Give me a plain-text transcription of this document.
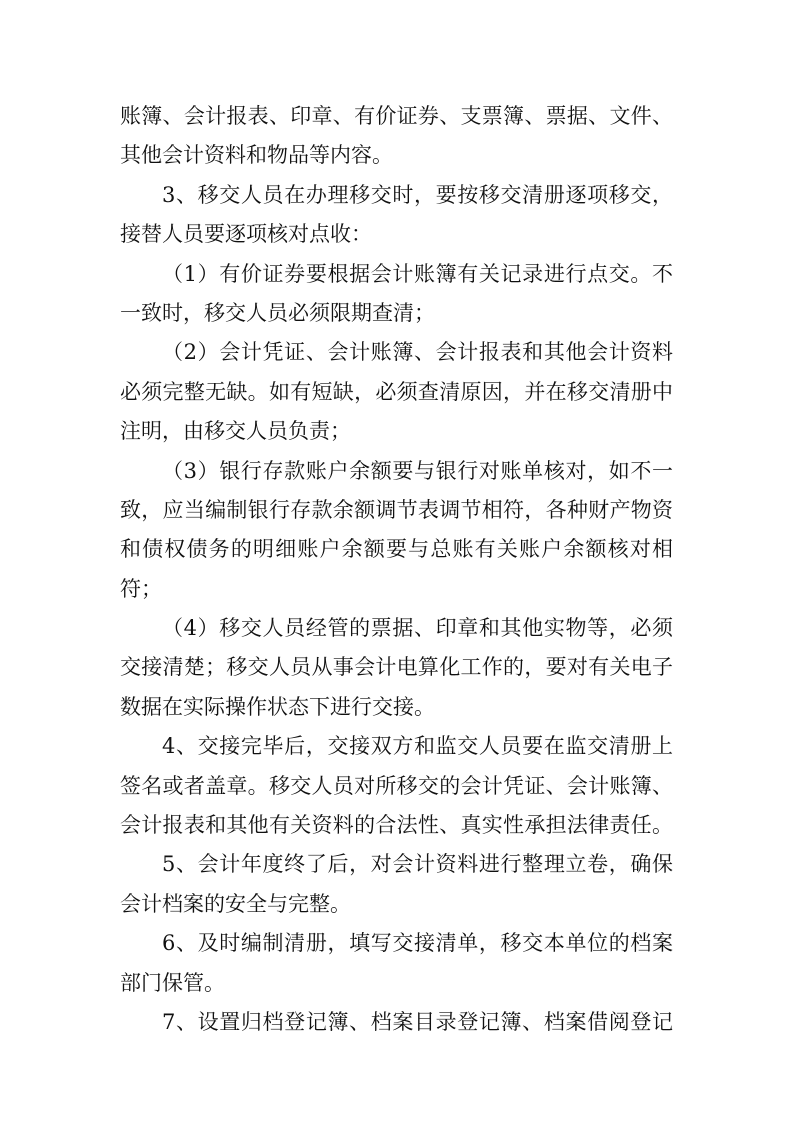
账簿、会计报表、印章、有价证券、支票簿、票据、文件、
其他会计资料和物品等内容。
3、移交人员在办理移交时，要按移交清册逐项移交，
接替人员要逐项核对点收：
（1）有价证券要根据会计账簿有关记录进行点交。不
一致时，移交人员必须限期查清；
（2）会计凭证、会计账簿、会计报表和其他会计资料
必须完整无缺。如有短缺，必须查清原因，并在移交清册中
注明，由移交人员负责；
（3）银行存款账户余额要与银行对账单核对，如不一
致，应当编制银行存款余额调节表调节相符，各种财产物资
和债权债务的明细账户余额要与总账有关账户余额核对相
符；
（4）移交人员经管的票据、印章和其他实物等，必须
交接清楚；移交人员从事会计电算化工作的，要对有关电子
数据在实际操作状态下进行交接。
4、交接完毕后，交接双方和监交人员要在监交清册上
签名或者盖章。移交人员对所移交的会计凭证、会计账簿、
会计报表和其他有关资料的合法性、真实性承担法律责任。
5、会计年度终了后，对会计资料进行整理立卷，确保
会计档案的安全与完整。
6、及时编制清册，填写交接清单，移交本单位的档案
部门保管。
7、设置归档登记簿、档案目录登记簿、档案借阅登记
